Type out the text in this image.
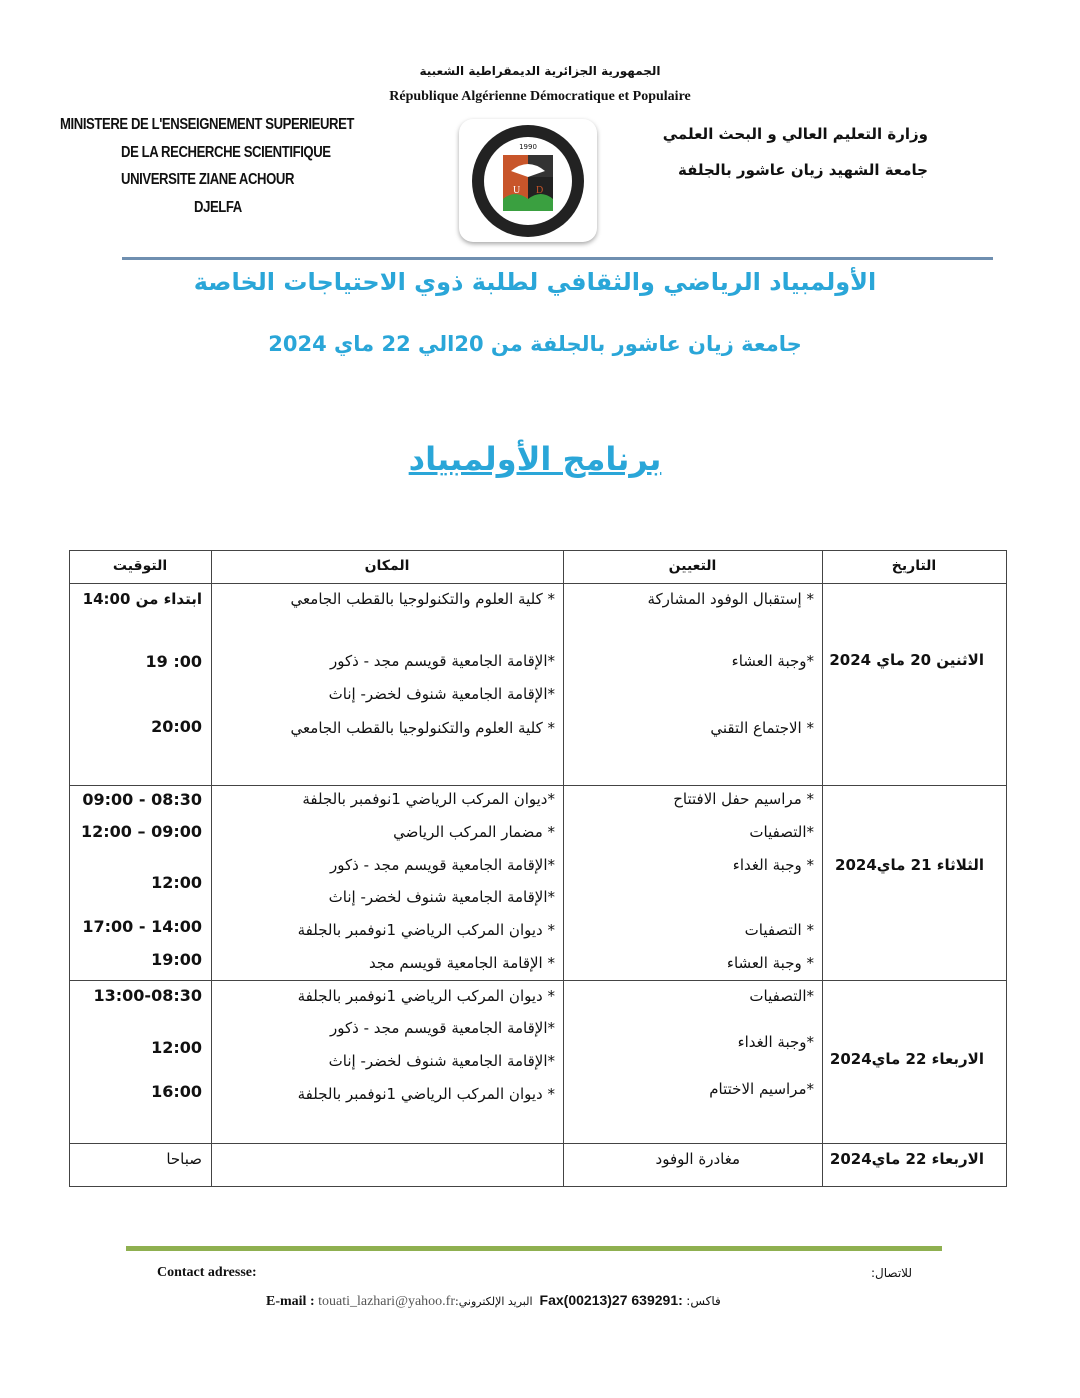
الجمهورية الجزائرية الديمقراطية الشعبية
République Algérienne Démocratique et Populaire
MINISTERE DE L'ENSEIGNEMENT SUPERIEURET
DE LA RECHERCHE SCIENTIFIQUE
UNIVERSITE ZIANE ACHOUR
DJELFA
وزارة التعليم العالي و البحث العلمي
جامعة الشهيد زيان عاشور بالجلفة
U D
1990
الأولمبياد الرياضي والثقافي لطلبة ذوي الاحتياجات الخاصة
جامعة زيان عاشور بالجلفة من 20الي 22 ماي 2024
برنامج الأولمبياد
التاريخ
التعيين
المكان
التوقيت
الاثنين 20 ماي 2024
* إستقبال الوفود المشاركة
*وجبة العشاء
* الاجتماع التقني
* كلية العلوم والتكنولوجيا بالقطب الجامعي
*الإقامة الجامعية قويسم مجد - ذكور
*الإقامة الجامعية شنوف لخضر- إناث
* كلية العلوم والتكنولوجيا بالقطب الجامعي
ابتداء من 14:00
19 :00
20:00
الثلاثاء 21 ماي2024
* مراسيم حفل الافتتاح
*التصفيات
* وجبة الغداء
* التصفيات
* وجبة العشاء
*ديوان المركب الرياضي 1نوفمبر بالجلفة
* مضمار المركب الرياضي
*الإقامة الجامعية قويسم مجد - ذكور
*الإقامة الجامعية شنوف لخضر- إناث
* ديوان المركب الرياضي 1نوفمبر بالجلفة
* الإقامة الجامعية قويسم مجد
09:00 - 08:30
12:00 – 09:00
12:00
17:00 - 14:00
19:00
الاربعاء 22 ماي2024
*التصفيات
*وجبة الغداء
*مراسيم الاختتام
* ديوان المركب الرياضي 1نوفمبر بالجلفة
*الإقامة الجامعية قويسم مجد - ذكور
*الإقامة الجامعية شنوف لخضر- إناث
* ديوان المركب الرياضي 1نوفمبر بالجلفة
13:00-08:30
12:00
16:00
الاربعاء 22 ماي2024
مغادرة الوفود
صباحا
Contact adresse:	للاتصال:
E-mail : touati_lazhari@yahoo.frالبريد الإلكتروني: Fax(00213)27 639291: فاكس:
